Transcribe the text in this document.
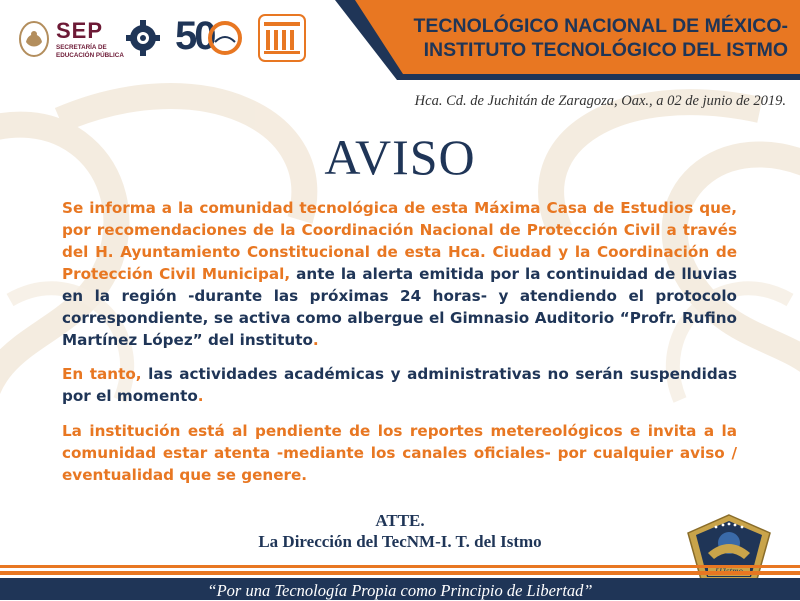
SEP
SECRETARÍA DE
EDUCACIÓN PÚBLICA	50	TECNOLÓGICO NACIONAL DE MÉXICO-
INSTITUTO TECNOLÓGICO DEL ISTMO
Hca. Cd. de Juchitán de Zaragoza, Oax., a 02 de junio de 2019.
AVISO
Se informa a la comunidad tecnológica de esta Máxima Casa de Estudios que, por recomendaciones de la Coordinación Nacional de Protección Civil a través del H. Ayuntamiento Constitucional de esta Hca. Ciudad y la Coordinación de Protección Civil Municipal, ante la alerta emitida por la continuidad de lluvias en la región -durante las próximas 24 horas- y atendiendo el protocolo correspondiente, se activa como albergue el Gimnasio Auditorio “Profr. Rufino Martínez López” del instituto.
En tanto, las actividades académicas y administrativas no serán suspendidas por el momento.
La institución está al pendiente de los reportes metereológicos e invita a la comunidad estar atenta -mediante los canales oficiales- por cualquier aviso / eventualidad que se genere.
ATTE.
La Dirección del TecNM-I. T. del Istmo
“Por una Tecnología Propia como Principio de Libertad”
